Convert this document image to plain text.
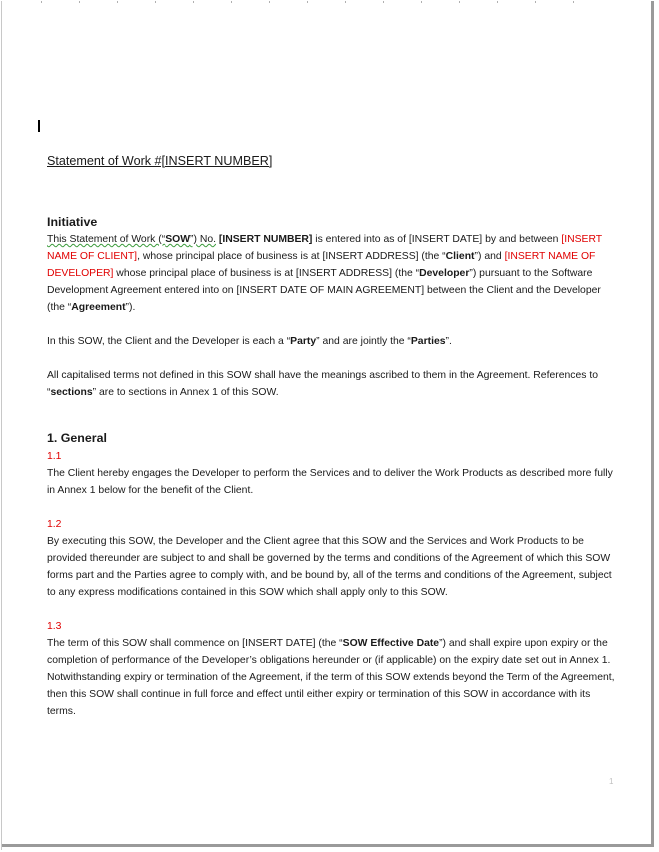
Statement of Work #[INSERT NUMBER]

Initiative

This Statement of Work (“SOW”) No. [INSERT NUMBER] is entered into as of [INSERT DATE] by and between [INSERT NAME OF CLIENT], whose principal place of business is at [INSERT ADDRESS] (the “Client”) and [INSERT NAME OF DEVELOPER] whose principal place of business is at [INSERT ADDRESS] (the “Developer”) pursuant to the Software Development Agreement entered into on [INSERT DATE OF MAIN AGREEMENT] between the Client and the Developer (the “Agreement”).

In this SOW, the Client and the Developer is each a “Party” and are jointly the “Parties”.

All capitalised terms not defined in this SOW shall have the meanings ascribed to them in the Agreement. References to “sections” are to sections in Annex 1 of this SOW.

1. General
1.1

The Client hereby engages the Developer to perform the Services and to deliver the Work Products as described more fully in Annex 1 below for the benefit of the Client.

1.2

By executing this SOW, the Developer and the Client agree that this SOW and the Services and Work Products to be provided thereunder are subject to and shall be governed by the terms and conditions of the Agreement of which this SOW forms part and the Parties agree to comply with, and be bound by, all of the terms and conditions of the Agreement, subject to any express modifications contained in this SOW which shall apply only to this SOW.

1.3

The term of this SOW shall commence on [INSERT DATE] (the “SOW Effective Date”) and shall expire upon expiry or the completion of performance of the Developer’s obligations hereunder or (if applicable) on the expiry date set out in Annex 1. Notwithstanding expiry or termination of the Agreement, if the term of this SOW extends beyond the Term of the Agreement, then this SOW shall continue in full force and effect until either expiry or termination of this SOW in accordance with its terms.

1
